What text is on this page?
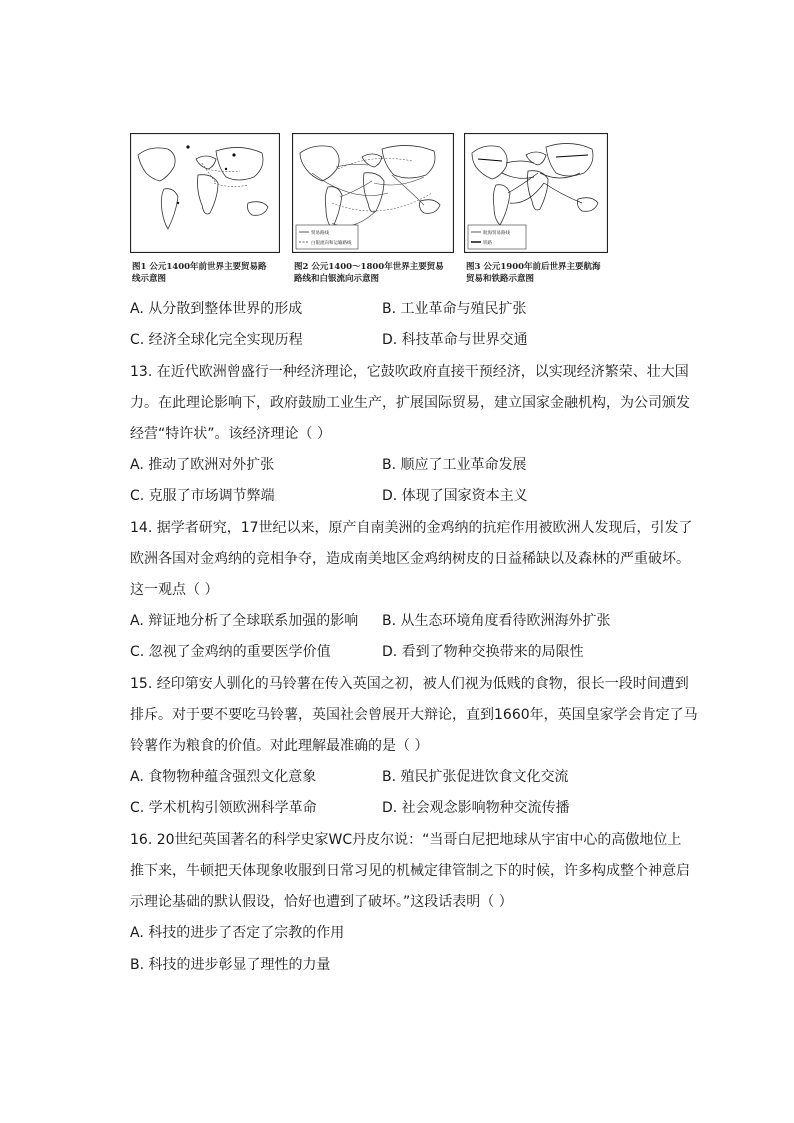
图1 公元1400年前世界主要贸易路
线示意图
贸易路线
白银流向和运输路线
图2 公元1400～1800年世界主要贸易
路线和白银流向示意图
航海贸易路线
铁路
图3 公元1900年前后世界主要航海
贸易和铁路示意图
A. 从分散到整体世界的形成	B. 工业革命与殖民扩张
C. 经济全球化完全实现历程	D. 科技革命与世界交通
13. 在近代欧洲曾盛行一种经济理论，它鼓吹政府直接干预经济，以实现经济繁荣、壮大国
力。在此理论影响下，政府鼓励工业生产，扩展国际贸易，建立国家金融机构，为公司颁发
经营“特许状”。该经济理论（ ）
A. 推动了欧洲对外扩张	B. 顺应了工业革命发展
C. 克服了市场调节弊端	D. 体现了国家资本主义
14. 据学者研究，17世纪以来，原产自南美洲的金鸡纳的抗疟作用被欧洲人发现后，引发了
欧洲各国对金鸡纳的竞相争夺，造成南美地区金鸡纳树皮的日益稀缺以及森林的严重破坏。
这一观点（ ）
A. 辩证地分析了全球联系加强的影响 B. 从生态环境角度看待欧洲海外扩张
C. 忽视了金鸡纳的重要医学价值	D. 看到了物种交换带来的局限性
15. 经印第安人驯化的马铃薯在传入英国之初，被人们视为低贱的食物，很长一段时间遭到
排斥。对于要不要吃马铃薯，英国社会曾展开大辩论，直到1660年，英国皇家学会肯定了马
铃薯作为粮食的价值。对此理解最准确的是（ ）
A. 食物物种蕴含强烈文化意象	B. 殖民扩张促进饮食文化交流
C. 学术机构引领欧洲科学革命	D. 社会观念影响物种交流传播
16. 20世纪英国著名的科学史家WC丹皮尔说：“当哥白尼把地球从宇宙中心的高傲地位上
推下来，牛顿把天体现象收服到日常习见的机械定律管制之下的时候，许多构成整个神意启
示理论基础的默认假设，恰好也遭到了破坏。”这段话表明（ ）
A. 科技的进步了否定了宗教的作用
B. 科技的进步彰显了理性的力量
